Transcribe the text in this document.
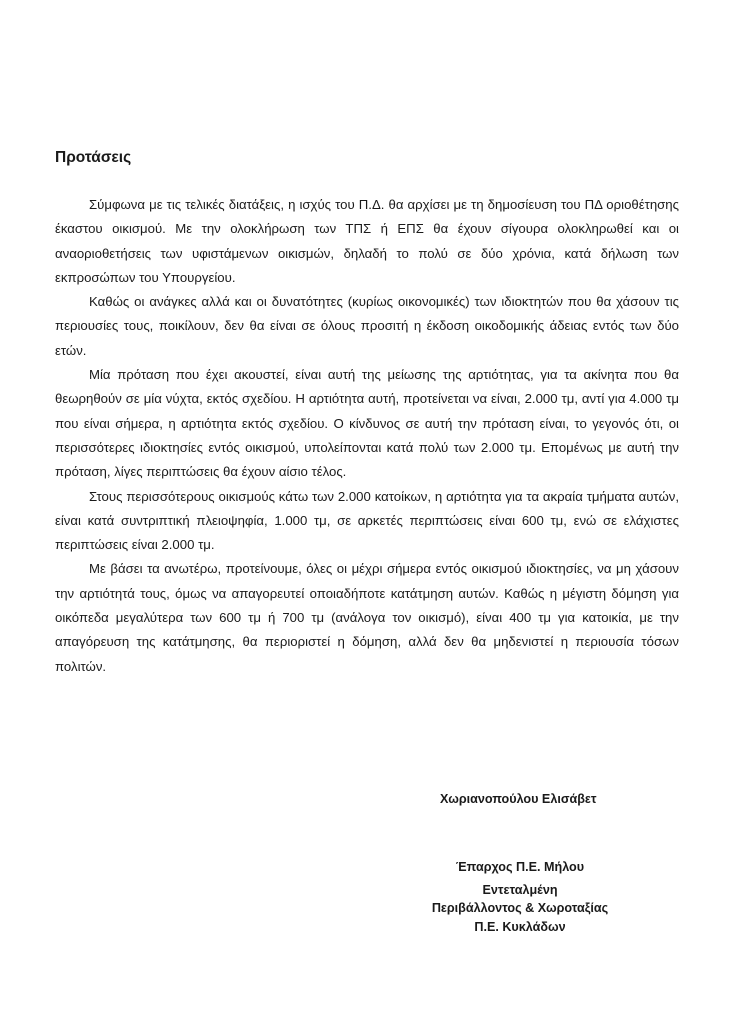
Προτάσεις

Σύμφωνα με τις τελικές διατάξεις, η ισχύς του Π.Δ. θα αρχίσει με τη δημοσίευση του ΠΔ οριοθέτησης έκαστου οικισμού. Με την ολοκλήρωση των ΤΠΣ ή ΕΠΣ θα έχουν σίγουρα ολοκληρωθεί και οι αναοριοθετήσεις των υφιστάμενων οικισμών, δηλαδή το πολύ σε δύο χρόνια, κατά δήλωση των εκπροσώπων του Υπουργείου.

Καθώς οι ανάγκες αλλά και οι δυνατότητες (κυρίως οικονομικές) των ιδιοκτητών που θα χάσουν τις περιουσίες τους, ποικίλουν, δεν θα είναι σε όλους προσιτή η έκδοση οικοδομικής άδειας εντός των δύο ετών.

Μία πρόταση που έχει ακουστεί, είναι αυτή της μείωσης της αρτιότητας, για τα ακίνητα που θα θεωρηθούν σε μία νύχτα, εκτός σχεδίου. Η αρτιότητα αυτή, προτείνεται να είναι, 2.000 τμ, αντί για 4.000 τμ που είναι σήμερα, η αρτιότητα εκτός σχεδίου. Ο κίνδυνος σε αυτή την πρόταση είναι, το γεγονός ότι, οι περισσότερες ιδιοκτησίες εντός οικισμού, υπολείπονται κατά πολύ των 2.000 τμ. Επομένως με αυτή την πρόταση, λίγες περιπτώσεις θα έχουν αίσιο τέλος.

Στους περισσότερους οικισμούς κάτω των 2.000 κατοίκων, η αρτιότητα για τα ακραία τμήματα αυτών, είναι κατά συντριπτική πλειοψηφία, 1.000 τμ, σε αρκετές περιπτώσεις είναι 600 τμ, ενώ σε ελάχιστες περιπτώσεις είναι 2.000 τμ.

Με βάσει τα ανωτέρω, προτείνουμε, όλες οι μέχρι σήμερα εντός οικισμού ιδιοκτησίες, να μη χάσουν την αρτιότητά τους, όμως να απαγορευτεί οποιαδήποτε κατάτμηση αυτών. Καθώς η μέγιστη δόμηση για οικόπεδα μεγαλύτερα των 600 τμ ή 700 τμ (ανάλογα τον οικισμό), είναι 400 τμ για κατοικία, με την απαγόρευση της κατάτμησης, θα περιοριστεί η δόμηση, αλλά δεν θα μηδενιστεί η περιουσία τόσων πολιτών.

Χωριανοπούλου Ελισάβετ

Έπαρχος Π.Ε. Μήλου
Εντεταλμένη
Περιβάλλοντος & Χωροταξίας
Π.Ε. Κυκλάδων
